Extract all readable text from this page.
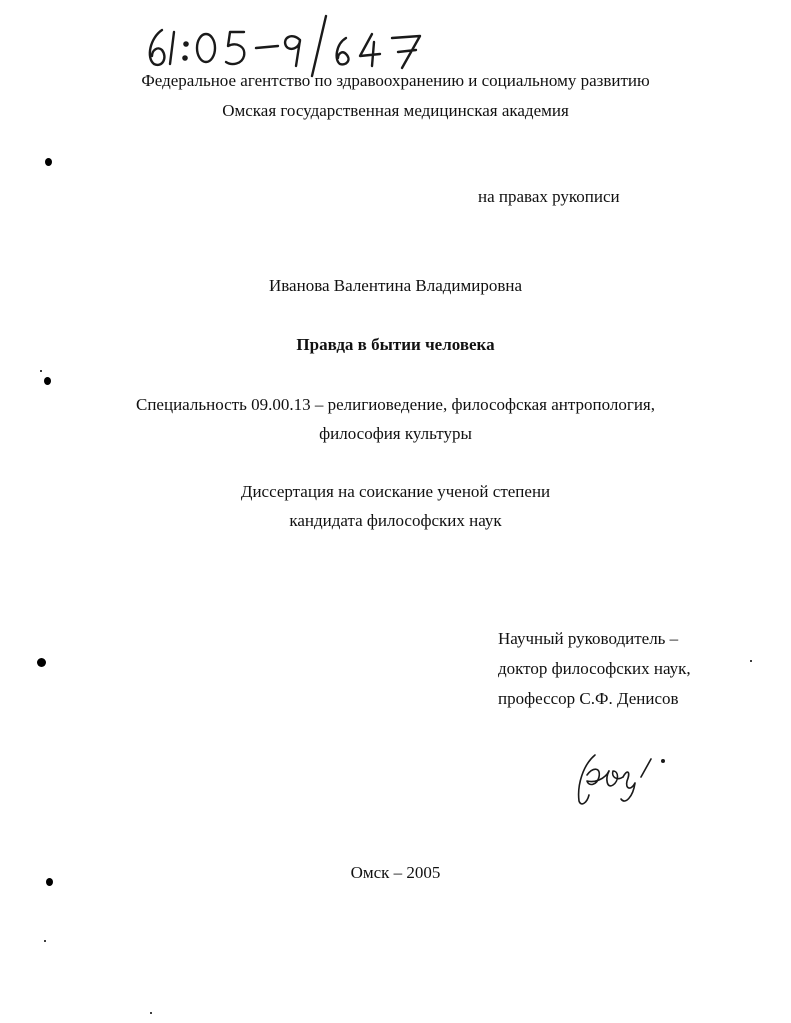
Федеральное агентство по здравоохранению и социальному развитию
Омская государственная медицинская академия
на правах рукописи
Иванова Валентина Владимировна
Правда в бытии человека
Специальность 09.00.13 – религиоведение, философская антропология,
философия культуры
Диссертация на соискание ученой степени
кандидата философских наук
Научный руководитель –
доктор философских наук,
профессор С.Ф. Денисов
Омск – 2005
